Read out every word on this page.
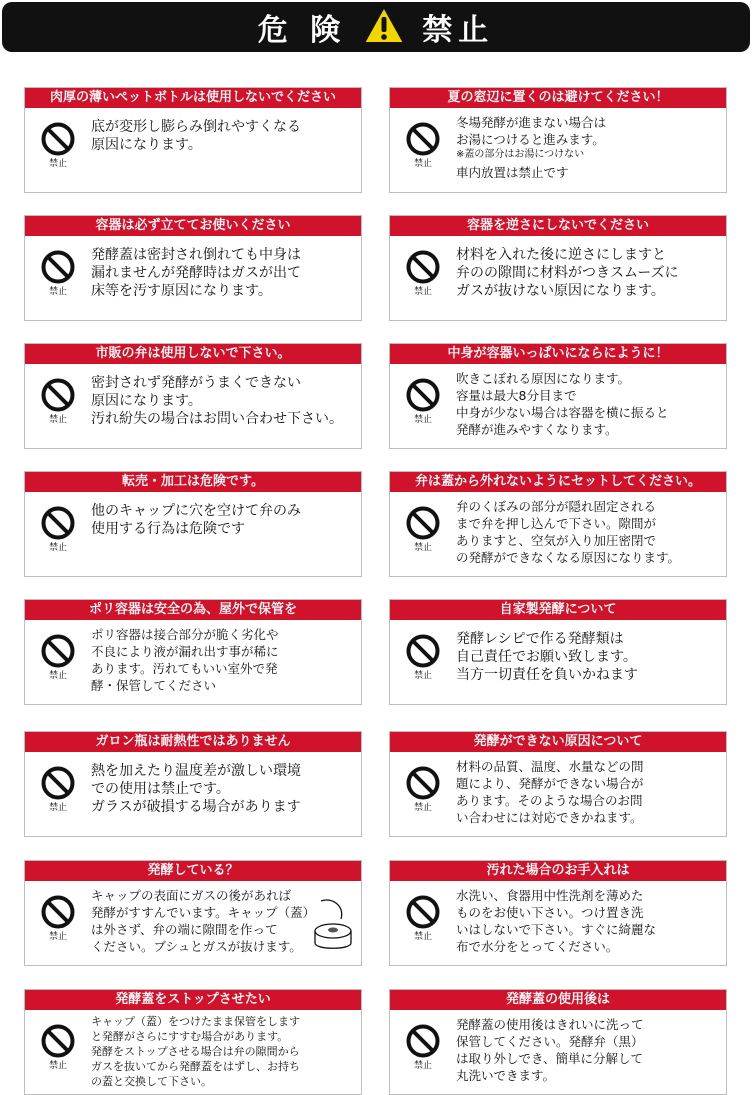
危 険	禁止
肉厚の薄いペットボトルは使用しないでください
禁止
底が変形し膨らみ倒れやすくなる
原因になります。
夏の窓辺に置くのは避けてください！
禁止
冬場発酵が進まない場合は
お湯につけると進みます。
※蓋の部分はお湯につけない
車内放置は禁止です
容器は必ず立ててお使いください
禁止
発酵蓋は密封され倒れても中身は
漏れませんが発酵時はガスが出て
床等を汚す原因になります。
容器を逆さにしないでください
禁止
材料を入れた後に逆さにしますと
弁のの隙間に材料がつきスムーズに
ガスが抜けない原因になります。
市販の弁は使用しないで下さい。
禁止
密封されず発酵がうまくできない
原因になります。
汚れ紛失の場合はお問い合わせ下さい。
中身が容器いっぱいにならにように！
禁止
吹きこぼれる原因になります。
容量は最大8分目まで
中身が少ない場合は容器を横に振ると
発酵が進みやすくなります。
転売・加工は危険です。
禁止
他のキャップに穴を空けて弁のみ
使用する行為は危険です
弁は蓋から外れないようにセットしてください。
禁止
弁のくぼみの部分が隠れ固定される
まで弁を押し込んで下さい。隙間が
ありますと、空気が入り加圧密閉で
の発酵ができなくなる原因になります。
ポリ容器は安全の為、屋外で保管を
禁止
ポリ容器は接合部分が脆く劣化や
不良により液が漏れ出す事が稀に
あります。汚れてもいい室外で発
酵・保管してください
自家製発酵について
禁止
発酵レシピで作る発酵類は
自己責任でお願い致します。
当方一切責任を負いかねます
ガロン瓶は耐熱性ではありません
禁止
熱を加えたり温度差が激しい環境
での使用は禁止です。
ガラスが破損する場合があります
発酵ができない原因について
禁止
材料の品質、温度、水量などの問
題により、発酵ができない場合が
あります。そのような場合のお問
い合わせには対応できかねます。
発酵している？
禁止
キャップの表面にガスの後があれば
発酵がすすんでいます。キャップ（蓋）
は外さず、弁の端に隙間を作って
ください。ブシュとガスが抜けます。
汚れた場合のお手入れは
禁止
水洗い、食器用中性洗剤を薄めた
ものをお使い下さい。つけ置き洗
いはしないで下さい。すぐに綺麗な
布で水分をとってください。
発酵蓋をストップさせたい
禁止
キャップ（蓋）をつけたまま保管をします
と発酵がさらにすすむ場合があります。
発酵をストップさせる場合は弁の隙間から
ガスを抜いてから発酵蓋をはずし、お持ち
の蓋と交換して下さい。
発酵蓋の使用後は
禁止
発酵蓋の使用後はきれいに洗って
保管してください。発酵弁（黒）
は取り外しでき、簡単に分解して
丸洗いできます。
